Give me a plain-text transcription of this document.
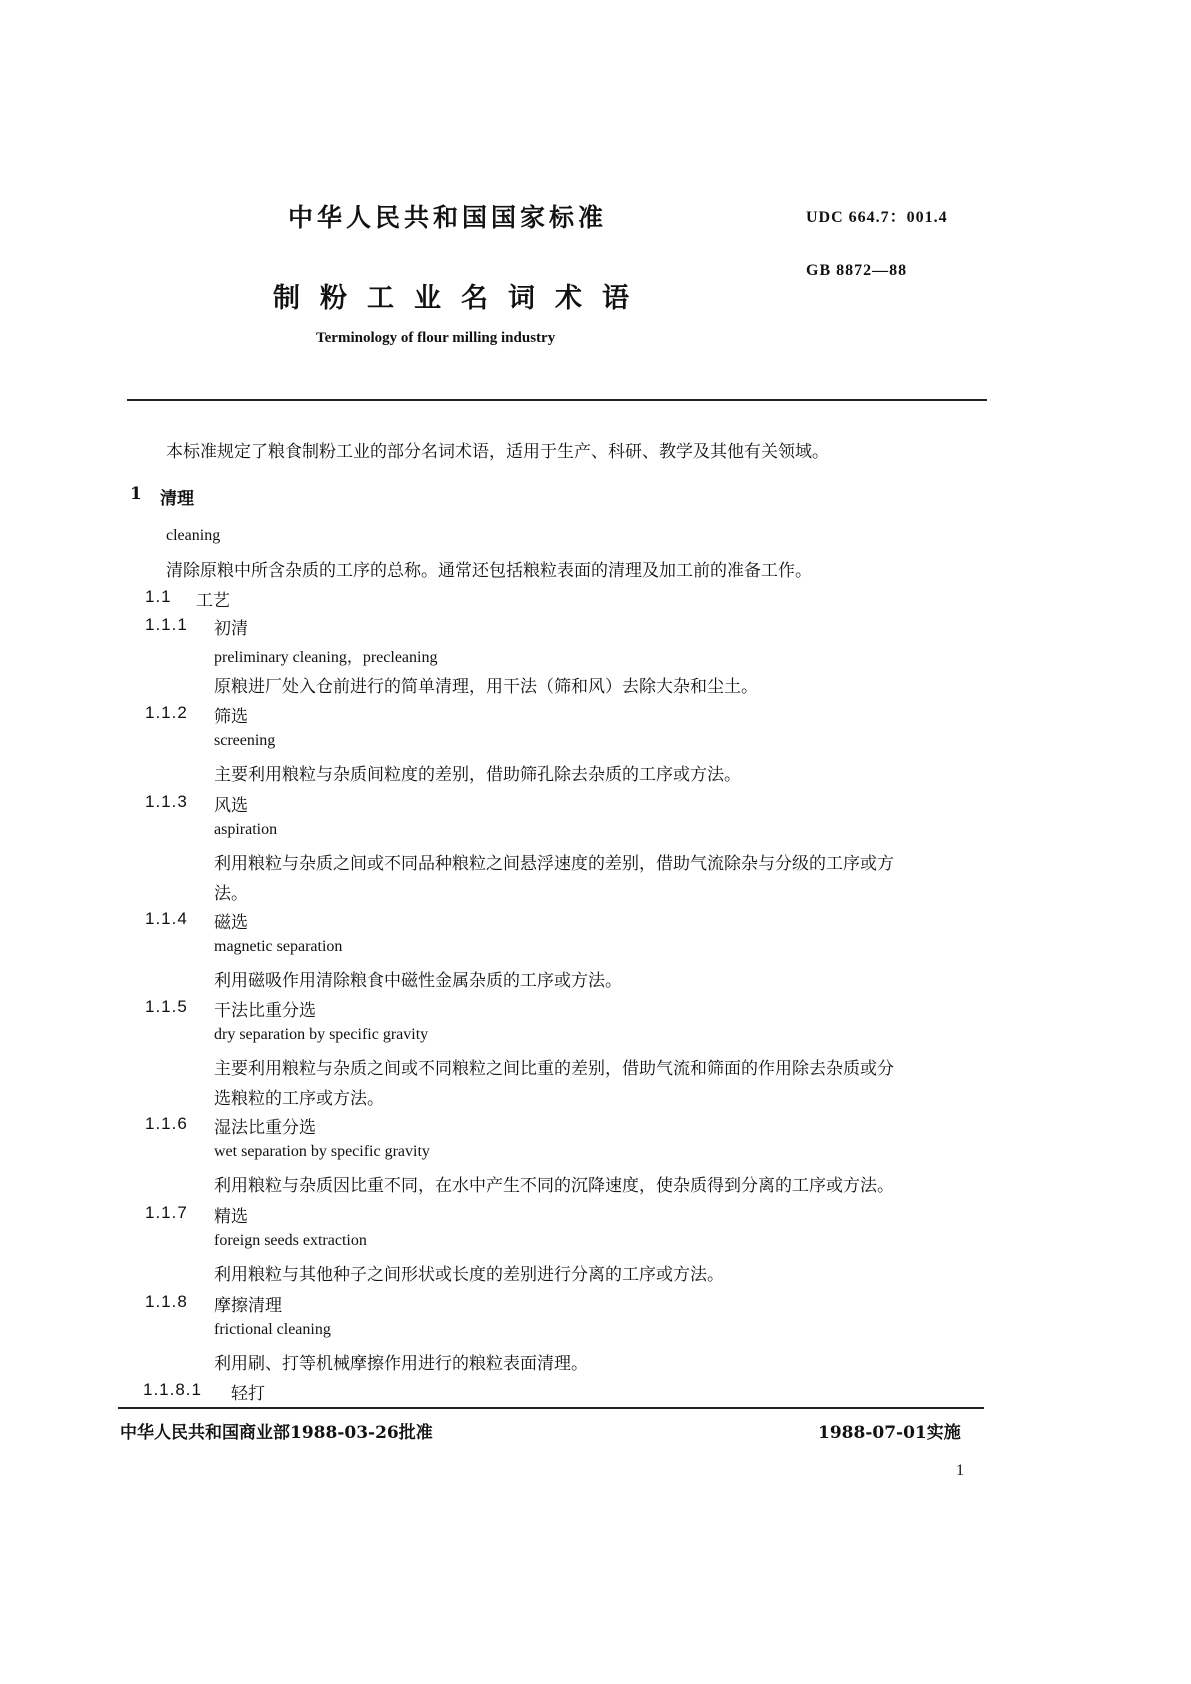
中华人民共和国国家标准	UDC 664.7：001.4
GB 8872—88
制粉工业名词术语
Terminology of flour milling industry
本标准规定了粮食制粉工业的部分名词术语，适用于生产、科研、教学及其他有关领域。
1 清理
cleaning
清除原粮中所含杂质的工序的总称。通常还包括粮粒表面的清理及加工前的准备工作。
1.1 工艺
1.1.1 初清
preliminary cleaning，precleaning
原粮进厂处入仓前进行的简单清理，用干法（筛和风）去除大杂和尘土。
1.1.2 筛选
screening
主要利用粮粒与杂质间粒度的差别，借助筛孔除去杂质的工序或方法。
1.1.3 风选
aspiration
利用粮粒与杂质之间或不同品种粮粒之间悬浮速度的差别，借助气流除杂与分级的工序或方
法。
1.1.4 磁选
magnetic separation
利用磁吸作用清除粮食中磁性金属杂质的工序或方法。
1.1.5 干法比重分选
dry separation by specific gravity
主要利用粮粒与杂质之间或不同粮粒之间比重的差别，借助气流和筛面的作用除去杂质或分
选粮粒的工序或方法。
1.1.6 湿法比重分选
wet separation by specific gravity
利用粮粒与杂质因比重不同，在水中产生不同的沉降速度，使杂质得到分离的工序或方法。
1.1.7 精选
foreign seeds extraction
利用粮粒与其他种子之间形状或长度的差别进行分离的工序或方法。
1.1.8 摩擦清理
frictional cleaning
利用刷、打等机械摩擦作用进行的粮粒表面清理。
1.1.8.1 轻打
中华人民共和国商业部1988-03-26批准	1988-07-01实施
1
